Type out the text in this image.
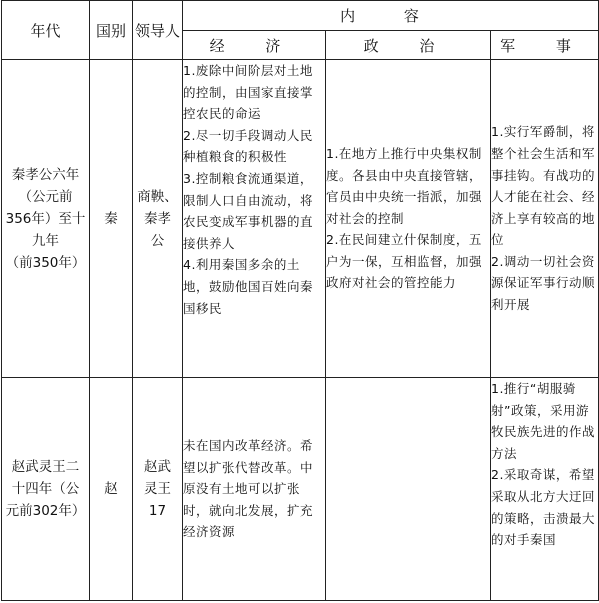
年代	国别	领导人	内 容		
			经 济	政 治	军 事

秦孝公六年
（公元前
356年）至十
九年
（前350年）	秦	商鞅、
秦孝
公	1.废除中间阶层对土地的控制，由国家直接掌控农民的命运
2.尽一切手段调动人民种植粮食的积极性
3.控制粮食流通渠道，限制人口自由流动，将农民变成军事机器的直接供养人
4.利用秦国多余的土地，鼓励他国百姓向秦国移民	1.在地方上推行中央集权制度。各县由中央直接管辖，官员由中央统一指派，加强对社会的控制
2.在民间建立什保制度，五户为一保，互相监督，加强政府对社会的管控能力	1.实行军爵制，将整个社会生活和军事挂钩。有战功的人才能在社会、经济上享有较高的地位
2.调动一切社会资源保证军事行动顺利开展

赵武灵王二
十四年（公
元前302年）	赵	赵武
灵王
17	未在国内改革经济。希望以扩张代替改革。中原没有土地可以扩张时，就向北发展，扩充经济资源		1.推行“胡服骑射”政策，采用游牧民族先进的作战方法
2.采取奇谋，希望采取从北方大迂回的策略，击溃最大的对手秦国
